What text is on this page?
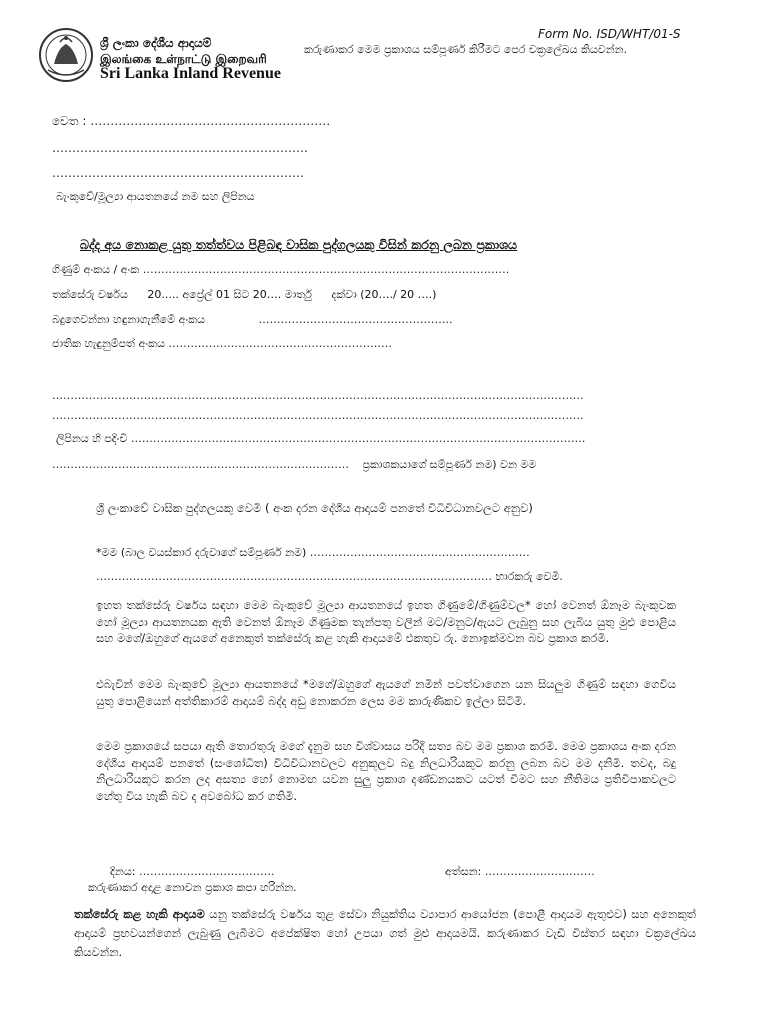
ශ්‍රී ලංකා දේශීය ආදායම්
இலங்கை உள்நாட்டு இறைவரி
Sri Lanka Inland Revenue
Form No. ISD/WHT/01-S
කරුණාකර මෙම ප්‍රකාශය සම්පූර්ණ කිරීමට පෙර චක්‍රලේඛය කියවන්න.
වෙත : ……………………………………………………
……………………………………………………….
………………………………………………………
බැංකුවේ/මූල්‍යා ආයතනයේ නම සහ ලිපිනය
බද්ද අය නොකළ යුතු තත්ත්වය පිළිබඳ වාසික පුද්ගලයකු විසින් කරනු ලබන ප්‍රකාශය
ගිණුම් අංකය / අංක ……………………………………………………………………………………….
තක්සේරු වර්ෂය 20..... අප්‍රේල් 01 සිට 20…. මාර්තු දක්වා (20…./ 20 ….)
බදුගෙවන්නා හඳුනාගැනීමේ අංකය	……………………………………………..
ජාතික හැඳුනුම්පත් අංකය …………………………………………………….
……………………………………………………………………………………………………………………………….
……………………………………………………………………………………………………………………………….
ලිපිනය හි පදිංචි …………………………………………………………………………………………………………….
……………………………………………………………………… ප්‍රකාශකයාගේ සම්පූර්ණ නම) වන මම
ශ්‍රී ලංකාවේ වාසික පුද්ගලයකු වෙමි ( අංක දරන දේශීය ආදායම් පනතේ විධිවිධානවලට අනුව)
*මම (බාල වයස්කාර දරුවාගේ සම්පූර්ණ නම) ……………………………………………………
……………………………………………………………………………………………… භාරකරු වෙමි.
ඉහත තක්සේරු වර්ෂය සඳහා මෙම බැංකුවේ මූල්‍යා ආයතනයේ ඉහත ගිණුමේ/ගිණුම්වල* හෝ වෙනත් ඕනෑම බැංකුවක හෝ මූල්‍යා ආයතනයක ඇති වෙනත් ඕනෑම ගිණුමක තැන්පතු වලින් මට/මනුට/ඇයට ලැබුනු සහ ලැබිය යුතු මුළු පොළිය සහ මගේ/ඔහුගේ ඇයගේ අනෙකුත් තක්සේරු කළ හැකි ආදායමේ එකතුව රු. නොඉක්මවන බව ප්‍රකාශ කරමි.
එබැවින් මෙම බැංකුවේ මූල්‍යා ආයතනයේ *මගේ/ඔහුගේ ඇයගේ නමින් පවත්වාගෙන යන සියලුම ගිණුම් සඳහා ගෙවිය යුතු පොළියෙන් අත්තිකාරම් ආදායම් බද්ද අඩු නොකරන ලෙස මම කාරුණිකව ඉල්ලා සිටිමි.
මෙම ප්‍රකාශයේ සපයා ඇති තොරතුරු මගේ දැනුම සහ විශ්වාසය පරිදි සත්‍ය බව මම ප්‍රකාශ කරමි. මෙම ප්‍රකාශය අංක දරන දේශීය ආදායම් පනතේ (සංශෝධිත) විධිවිධානවලට අනුකූලව බදු නිලධාරියකුට කරනු ලබන බව මම දනිමි. තවද, බදු නිලධාරියකුට කරන ලද අසත්‍ය හෝ නොමඟ යවන සුලු ප්‍රකාශ දණ්ඩනයකට යටත් වීමට සහ නීතිමය ප්‍රතිවිපාකවලට හේතු විය හැකි බව ද අවබෝධ කර ගතිමි.
දිනය: ……………………………….	අත්සන: …………………………
කරුණාකර අදාළ නොවන ප්‍රකාශ කපා හරින්න.
තක්සේරු කළ හැකි ආදායම යනු තක්සේරු වර්ෂය තුළ සේවා නියුක්තිය ව්‍යාපාර ආයෝජන (පොළී ආදායම ඇතුළුව) සහ අනෙකුත් ආදායම් ප්‍රභවයන්ගෙන් ලැබුණු ලැබීමට අපේක්ෂිත හෝ උපයා ගත් මුළු ආදායමයි. කරුණාකර වැඩි විස්තර සඳහා චක්‍රලේඛය කියවන්න.
